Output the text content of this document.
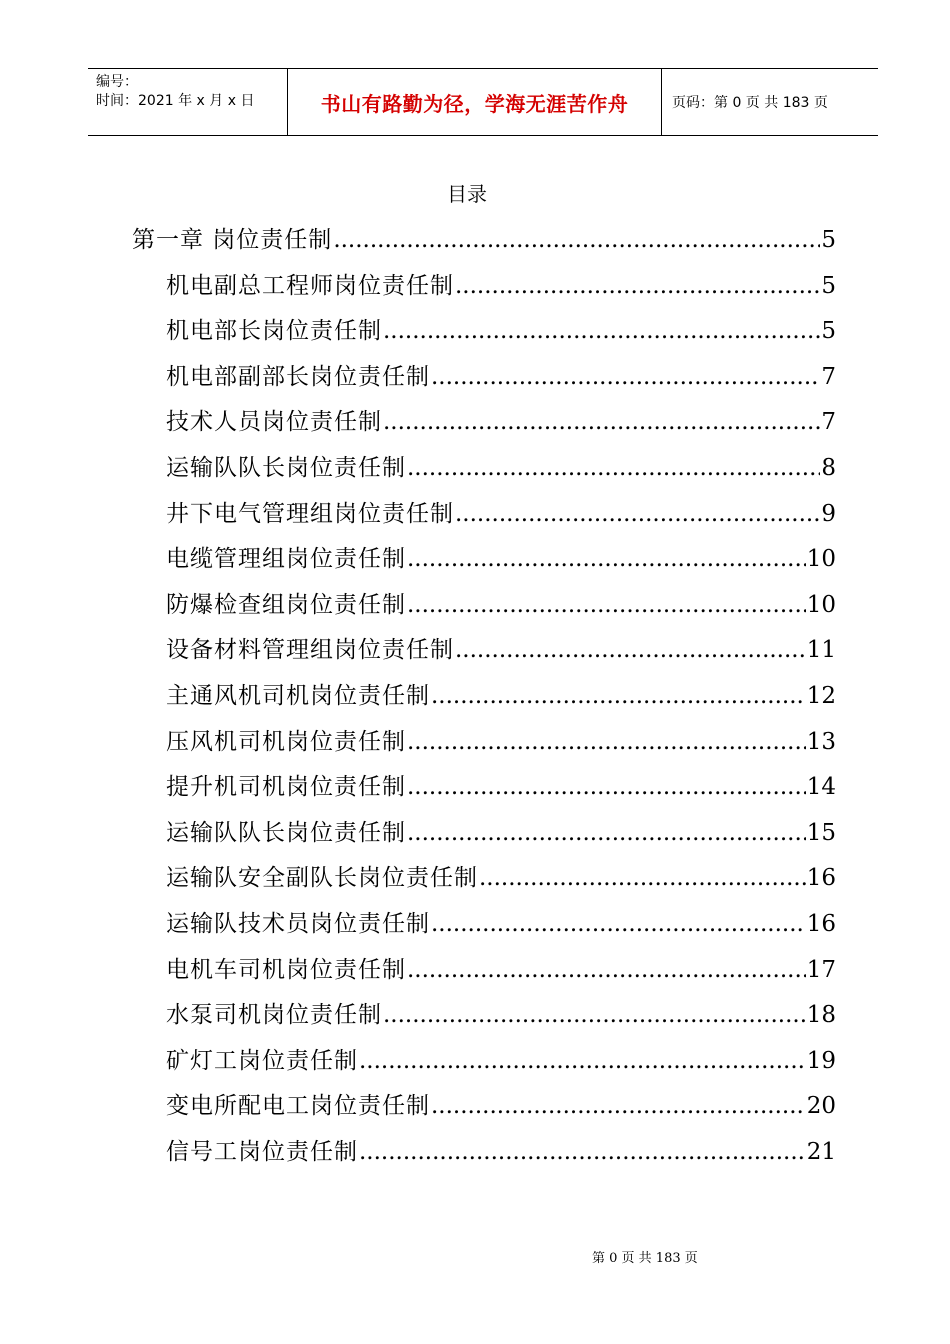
编号：
时间：2021 年 x 月 x 日	书山有路勤为径，学海无涯苦作舟	页码：第 0 页 共 183 页
目录
第一章 岗位责任制 .....	5
机电副总工程师岗位责任制 .....	5
机电部长岗位责任制 .....	5
机电部副部长岗位责任制 .....	7
技术人员岗位责任制 .....	7
运输队队长岗位责任制 .....	8
井下电气管理组岗位责任制 .....	9
电缆管理组岗位责任制 .....	10
防爆检查组岗位责任制 .....	10
设备材料管理组岗位责任制 .....	11
主通风机司机岗位责任制 .....	12
压风机司机岗位责任制 .....	13
提升机司机岗位责任制 .....	14
运输队队长岗位责任制 .....	15
运输队安全副队长岗位责任制 .....	16
运输队技术员岗位责任制 .....	16
电机车司机岗位责任制 .....	17
水泵司机岗位责任制 .....	18
矿灯工岗位责任制 .....	19
变电所配电工岗位责任制 .....	20
信号工岗位责任制 .....	21
第 0 页 共 183 页
